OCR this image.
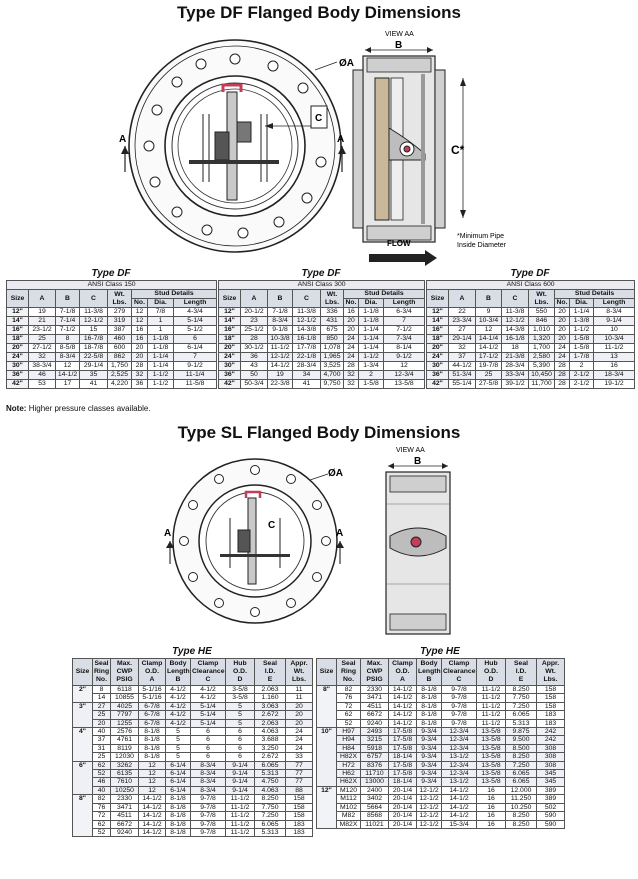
Type DF Flanged Body Dimensions
Type SL Flanged Body Dimensions
ØA
A	A
C
VIEW AA
B
C*
*Minimum Pipe
Inside Diameter
FLOW
Type DF
ANSI Class 150							
Size	A	B	C	Wt. Lbs.	Stud Details		
					No.	Dia.	Length
12"	19	7-1/8	11-3/8	279	12	7/8	4-3/4
14"	21	7-1/4	12-1/2	319	12	1	5-1/4
16"	23-1/2	7-1/2	15	387	16	1	5-1/2
18"	25	8	16-7/8	460	16	1-1/8	6
20"	27-1/2	8-5/8	18-7/8	600	20	1-1/8	6-1/4
24"	32	8-3/4	22-5/8	862	20	1-1/4	7
30"	38-3/4	12	29-1/4	1,750	28	1-1/4	9-1/2
36"	46	14-1/2	35	2,525	32	1-1/2	11-1/4
42"	53	17	41	4,220	36	1-1/2	11-5/8
Type DF
ANSI Class 300							
Size	A	B	C	Wt. Lbs.	Stud Details		
					No.	Dia.	Length
12"	20-1/2	7-1/8	11-3/8	336	16	1-1/8	6-3/4
14"	23	8-3/4	12-1/2	431	20	1-1/8	7
16"	25-1/2	9-1/8	14-3/8	675	20	1-1/4	7-1/2
18"	28	10-3/8	16-1/8	850	24	1-1/4	7-3/4
20"	30-1/2	11-1/2	17-7/8	1,078	24	1-1/4	8-1/4
24"	36	12-1/2	22-1/8	1,965	24	1-1/2	9-1/2
30"	43	14-1/2	28-3/4	3,525	28	1-3/4	12
36"	50	19	34	4,700	32	2	12-3/4
42"	50-3/4	22-3/8	41	9,750	32	1-5/8	13-5/8
Type DF
ANSI Class 600							
Size	A	B	C	Wt. Lbs.	Stud Details		
					No.	Dia.	Length
12"	22	9	11-3/8	550	20	1-1/4	8-3/4
14"	23-3/4	10-3/4	12-1/2	846	20	1-3/8	9-1/4
16"	27	12	14-3/8	1,010	20	1-1/2	10
18"	29-1/4	14-1/4	16-1/8	1,320	20	1-5/8	10-3/4
20"	32	14-1/2	18	1,700	24	1-5/8	11-1/2
24"	37	17-1/2	21-3/8	2,580	24	1-7/8	13
30"	44-1/2	19-7/8	28-3/4	5,390	28	2	16
36"	51-3/4	25	33-3/4	10,450	28	2-1/2	18-3/4
42"	55-1/4	27-5/8	39-1/2	11,700	28	2-1/2	19-1/2
Note: Higher pressure classes available.
ØA
A	A
C
VIEW AA
B
Type HE
Size	Seal
Ring
No.	Max.
CWP
PSIG	Clamp
O.D.
A	Body
Length
B	Clamp
Clearance
C	Hub
O.D.
D	Seal
I.D.
E	Appr.
Wt.
Lbs.
2"	8	6118	5-1/16	4-1/2	4-1/2	3-5/8	2.063	11
	14	10855	5-1/16	4-1/2	4-1/2	3-5/8	1.160	11
3"	27	4025	6-7/8	4-1/2	5-1/4	5	3.063	20
	25	7797	6-7/8	4-1/2	5-1/4	5	2.672	20
	20	1255	6-7/8	4-1/2	5-1/4	5	2.063	20
4"	40	2576	8-1/8	5	6	6	4.063	24
	37	4761	8-1/8	5	6	6	3.688	24
	31	8119	8-1/8	5	6	6	3.250	24
	25	12030	8-1/8	5	6	6	2.672	33
6"	62	3262	12	6-1/4	8-3/4	9-1/4	6.065	77
	52	6135	12	6-1/4	8-3/4	9-1/4	5.313	77
	46	7610	12	6-1/4	8-3/4	9-1/4	4.750	77
	40	10250	12	6-1/4	8-3/4	9-1/4	4.063	88
8"	82	2330	14-1/2	8-1/8	9-7/8	11-1/2	8.250	158
	76	3471	14-1/2	8-1/8	9-7/8	11-1/2	7.750	158
	72	4511	14-1/2	8-1/8	9-7/8	11-1/2	7.250	158
	62	6672	14-1/2	8-1/8	9-7/8	11-1/2	6.065	183
	52	9240	14-1/2	8-1/8	9-7/8	11-1/2	5.313	183
Type HE
Size	Seal
Ring
No.	Max.
CWP
PSIG	Clamp
O.D.
A	Body
Length
B	Clamp
Clearance
C	Hub
O.D.
D	Seal
I.D.
E	Appr.
Wt.
Lbs.
8"	82	2330	14-1/2	8-1/8	9-7/8	11-1/2	8.250	158
	76	3471	14-1/2	8-1/8	9-7/8	11-1/2	7.750	158
	72	4511	14-1/2	8-1/8	9-7/8	11-1/2	7.250	158
	62	6672	14-1/2	8-1/8	9-7/8	11-1/2	6.065	183
	52	9240	14-1/2	8-1/8	9-7/8	11-1/2	5.313	183
10"	H97	2493	17-5/8	9-3/4	12-3/4	13-5/8	9.875	242
	H94	3215	17-5/8	9-3/4	12-3/4	13-5/8	9.500	242
	H84	5918	17-5/8	9-3/4	12-3/4	13-5/8	8.500	308
	H82X	6757	18-1/4	9-3/4	13-1/2	13-5/8	8.250	308
	H72	8376	17-5/8	9-3/4	12-3/4	13-5/8	7.250	308
	H62	11710	17-5/8	9-3/4	12-3/4	13-5/8	6.065	345
	H62X	13000	18-1/4	9-3/4	13-1/2	13-5/8	6.065	345
12"	M120	2400	20-1/4	12-1/2	14-1/2	16	12.000	389
	M112	3402	20-1/4	12-1/2	14-1/2	16	11.250	389
	M102	5664	20-1/4	12-1/2	14-1/2	16	10.250	502
	M82	8568	20-1/4	12-1/2	14-1/2	16	8.250	590
	M82X	11021	20-1/4	12-1/2	15-3/4	16	8.250	590
